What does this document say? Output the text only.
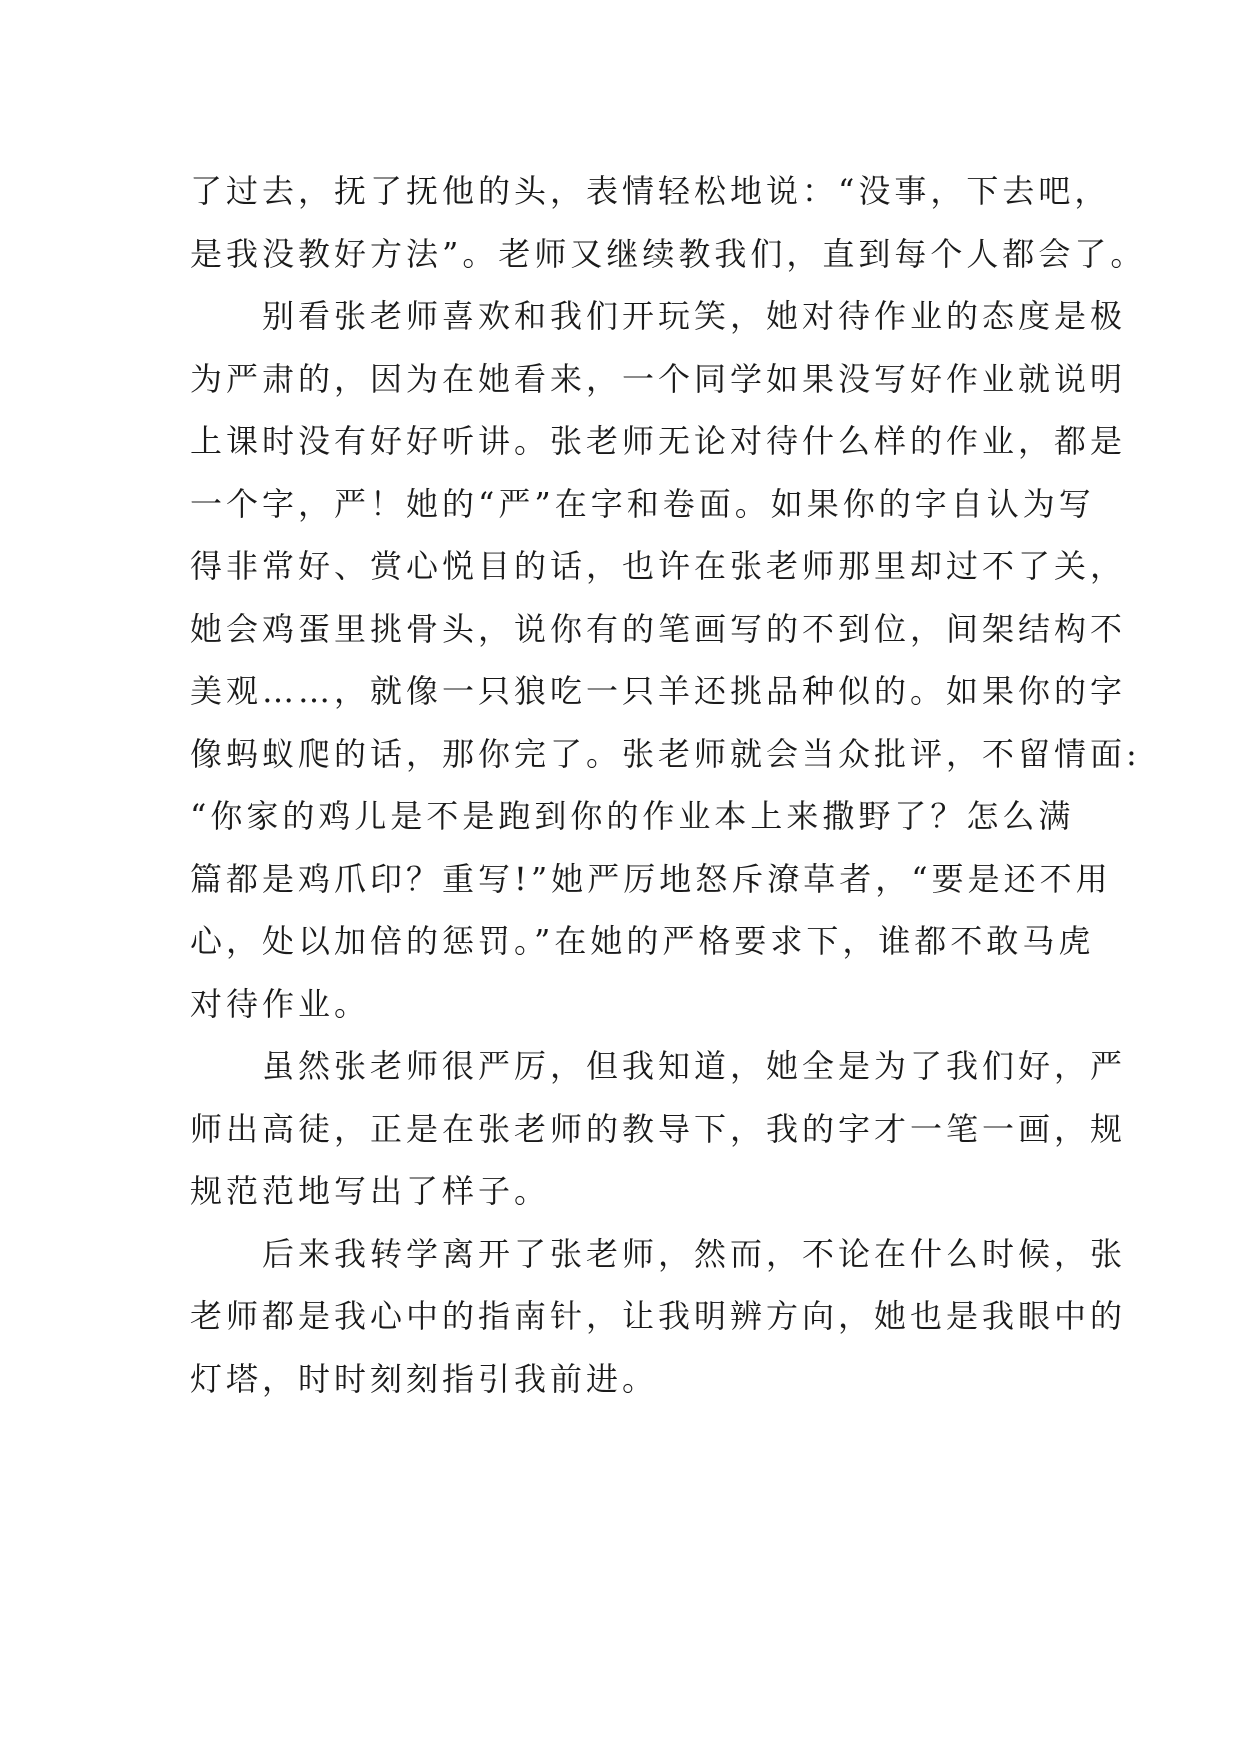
了过去，抚了抚他的头，表情轻松地说：“没事，下去吧，
是我没教好方法”。老师又继续教我们，直到每个人都会了。
　　别看张老师喜欢和我们开玩笑，她对待作业的态度是极
为严肃的，因为在她看来，一个同学如果没写好作业就说明
上课时没有好好听讲。张老师无论对待什么样的作业，都是
一个字，严！她的“严”在字和卷面。如果你的字自认为写
得非常好、赏心悦目的话，也许在张老师那里却过不了关，
她会鸡蛋里挑骨头，说你有的笔画写的不到位，间架结构不
美观……，就像一只狼吃一只羊还挑品种似的。如果你的字
像蚂蚁爬的话，那你完了。张老师就会当众批评，不留情面:
“你家的鸡儿是不是跑到你的作业本上来撒野了？怎么满
篇都是鸡爪印？重写!”她严厉地怒斥潦草者，“要是还不用
心，处以加倍的惩罚。”在她的严格要求下，谁都不敢马虎
对待作业。
　　虽然张老师很严厉，但我知道，她全是为了我们好，严
师出高徒，正是在张老师的教导下，我的字才一笔一画，规
规范范地写出了样子。
　　后来我转学离开了张老师，然而，不论在什么时候，张
老师都是我心中的指南针，让我明辨方向，她也是我眼中的
灯塔，时时刻刻指引我前进。
